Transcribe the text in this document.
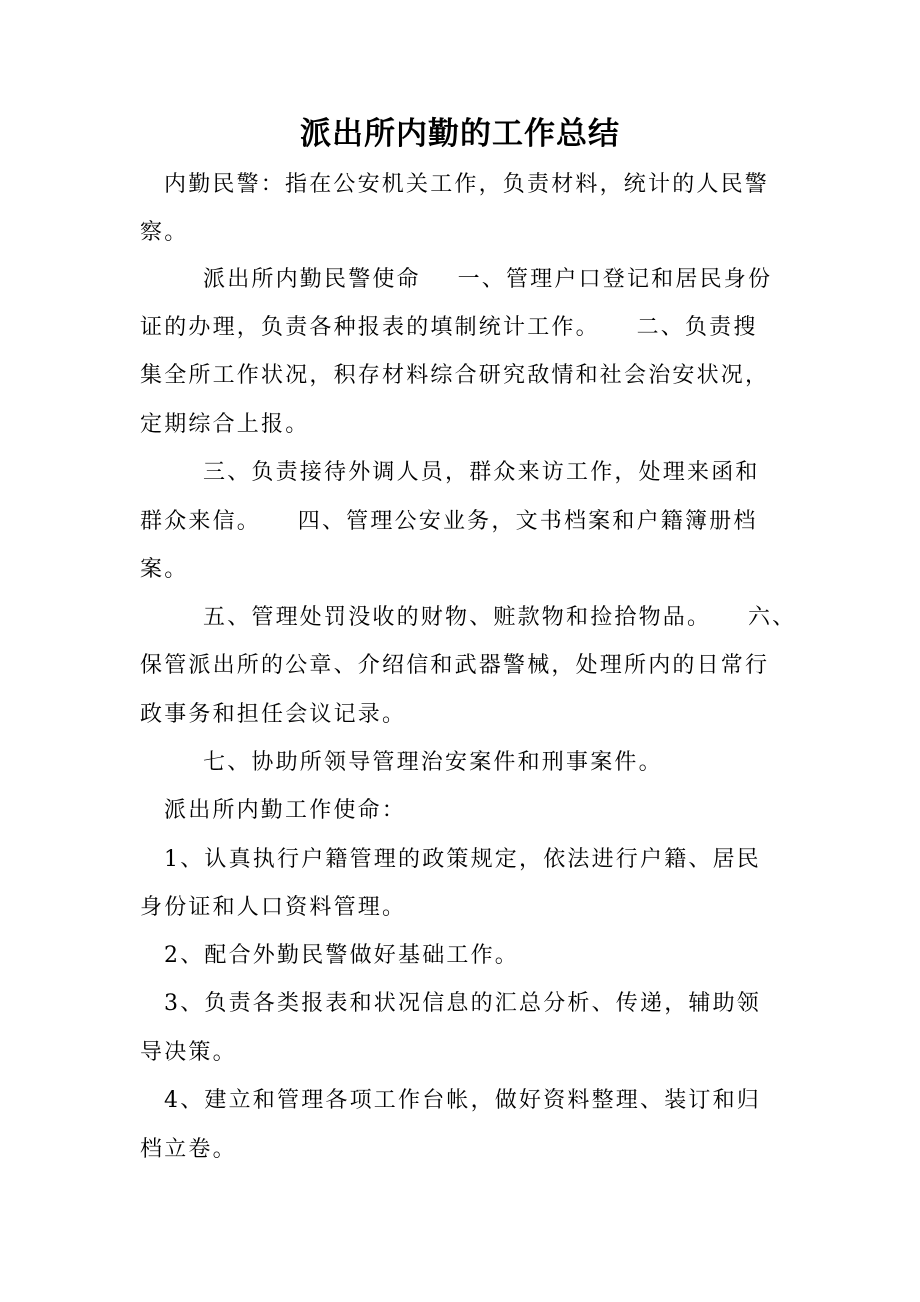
派出所内勤的工作总结
内勤民警：指在公安机关工作，负责材料，统计的人民警
察。
派出所内勤民警使命    一、管理户口登记和居民身份
证的办理，负责各种报表的填制统计工作。    二、负责搜
集全所工作状况，积存材料综合研究敌情和社会治安状况，
定期综合上报。
三、负责接待外调人员，群众来访工作，处理来函和
群众来信。    四、管理公安业务，文书档案和户籍簿册档
案。
五、管理处罚没收的财物、赃款物和捡拾物品。    六、
保管派出所的公章、介绍信和武器警械，处理所内的日常行
政事务和担任会议记录。
七、协助所领导管理治安案件和刑事案件。
派出所内勤工作使命：
1、认真执行户籍管理的政策规定，依法进行户籍、居民
身份证和人口资料管理。
2、配合外勤民警做好基础工作。
3、负责各类报表和状况信息的汇总分析、传递，辅助领
导决策。
4、建立和管理各项工作台帐，做好资料整理、装订和归
档立卷。
